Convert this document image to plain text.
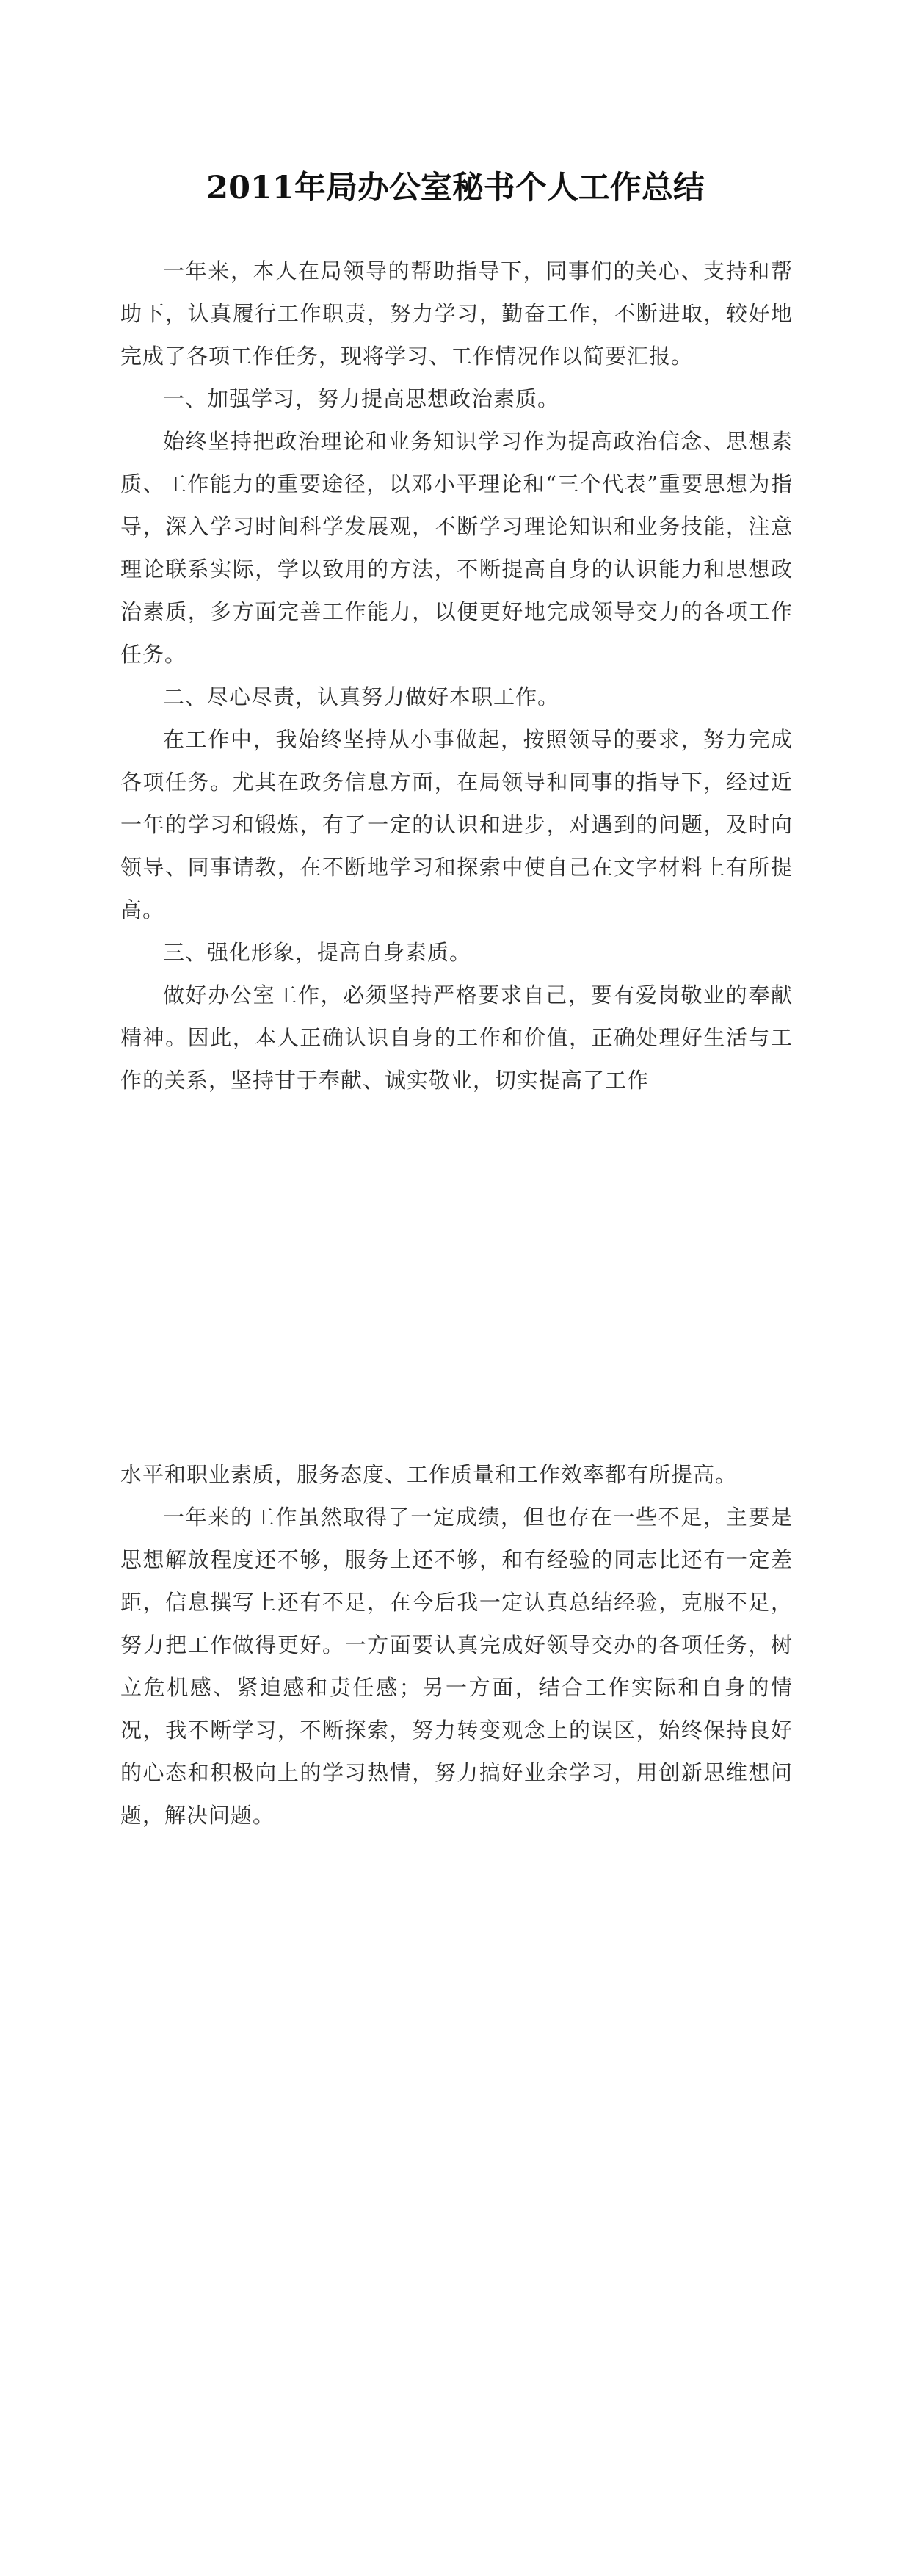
2011年局办公室秘书个人工作总结

一年来，本人在局领导的帮助指导下，同事们的关心、支持和帮助下，认真履行工作职责，努力学习，勤奋工作，不断进取，较好地完成了各项工作任务，现将学习、工作情况作以简要汇报。

一、加强学习，努力提高思想政治素质。

始终坚持把政治理论和业务知识学习作为提高政治信念、思想素质、工作能力的重要途径，以邓小平理论和“三个代表”重要思想为指导，深入学习时间科学发展观，不断学习理论知识和业务技能，注意理论联系实际，学以致用的方法，不断提高自身的认识能力和思想政治素质，多方面完善工作能力，以便更好地完成领导交力的各项工作任务。

二、尽心尽责，认真努力做好本职工作。

在工作中，我始终坚持从小事做起，按照领导的要求，努力完成各项任务。尤其在政务信息方面，在局领导和同事的指导下，经过近一年的学习和锻炼，有了一定的认识和进步，对遇到的问题，及时向领导、同事请教，在不断地学习和探索中使自己在文字材料上有所提高。

三、强化形象，提高自身素质。

做好办公室工作，必须坚持严格要求自己，要有爱岗敬业的奉献精神。因此，本人正确认识自身的工作和价值，正确处理好生活与工作的关系，坚持甘于奉献、诚实敬业，切实提高了工作

水平和职业素质，服务态度、工作质量和工作效率都有所提高。

一年来的工作虽然取得了一定成绩，但也存在一些不足，主要是思想解放程度还不够，服务上还不够，和有经验的同志比还有一定差距，信息撰写上还有不足，在今后我一定认真总结经验，克服不足，努力把工作做得更好。一方面要认真完成好领导交办的各项任务，树立危机感、紧迫感和责任感；另一方面，结合工作实际和自身的情况，我不断学习，不断探索，努力转变观念上的误区，始终保持良好的心态和积极向上的学习热情，努力搞好业余学习，用创新思维想问题，解决问题。
